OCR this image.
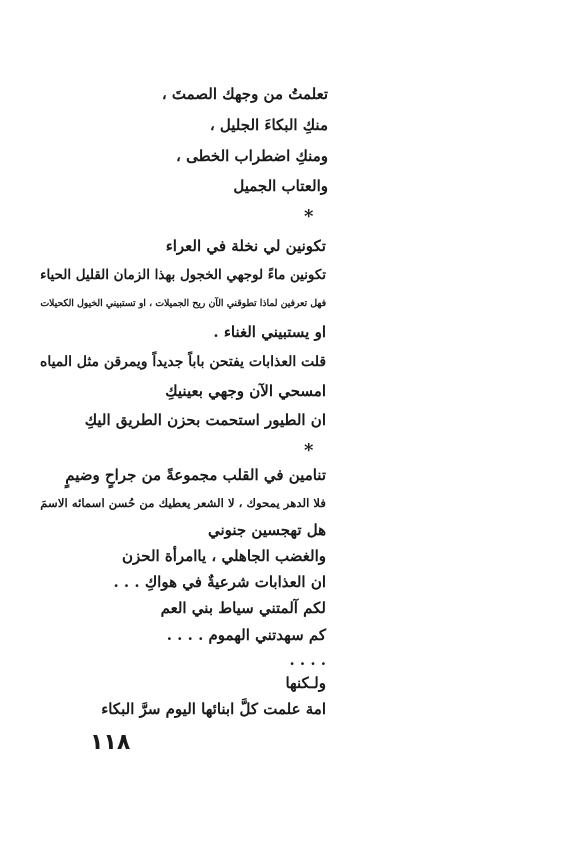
تعلمتُ من وجهك الصمتَ ،
منكِ البكاءَ الجليل ،
ومنكِ اضطراب الخطى ،
والعتاب الجميل
*
تكونين لي نخلة في العراء
تكونين ماءً لوجهي الخجول بهذا الزمان القليل الحياء
فهل تعرفين لماذا تطوقني الآن ريح الجميلات ، او تستبيني الخيول الكحيلات
او يستبيني الغناء .
قلت العذابات يفتحن باباً جديداً ويمرقن مثل المياه
امسحي الآن وجهي بعينيكِ
ان الطيور استحمت بحزن الطريق اليكِ
*
تنامين في القلب مجموعةً من جراحٍ وضيمٍ
فلا الدهر يمحوك ، لا الشعر يعطيك من حُسن اسمائه الاسمَ
هل تهجسين جنوني
والغضب الجاهلي ، ياامرأة الحزن
ان العذابات شرعيةٌ في هواكِ . . .
لكم آلمتني سياط بني العم
كم سهدتني الهموم . . . .
. . . .
ولـكنها
امة علمت كلَّ ابنائها اليوم سرَّ البكاء
١١٨
